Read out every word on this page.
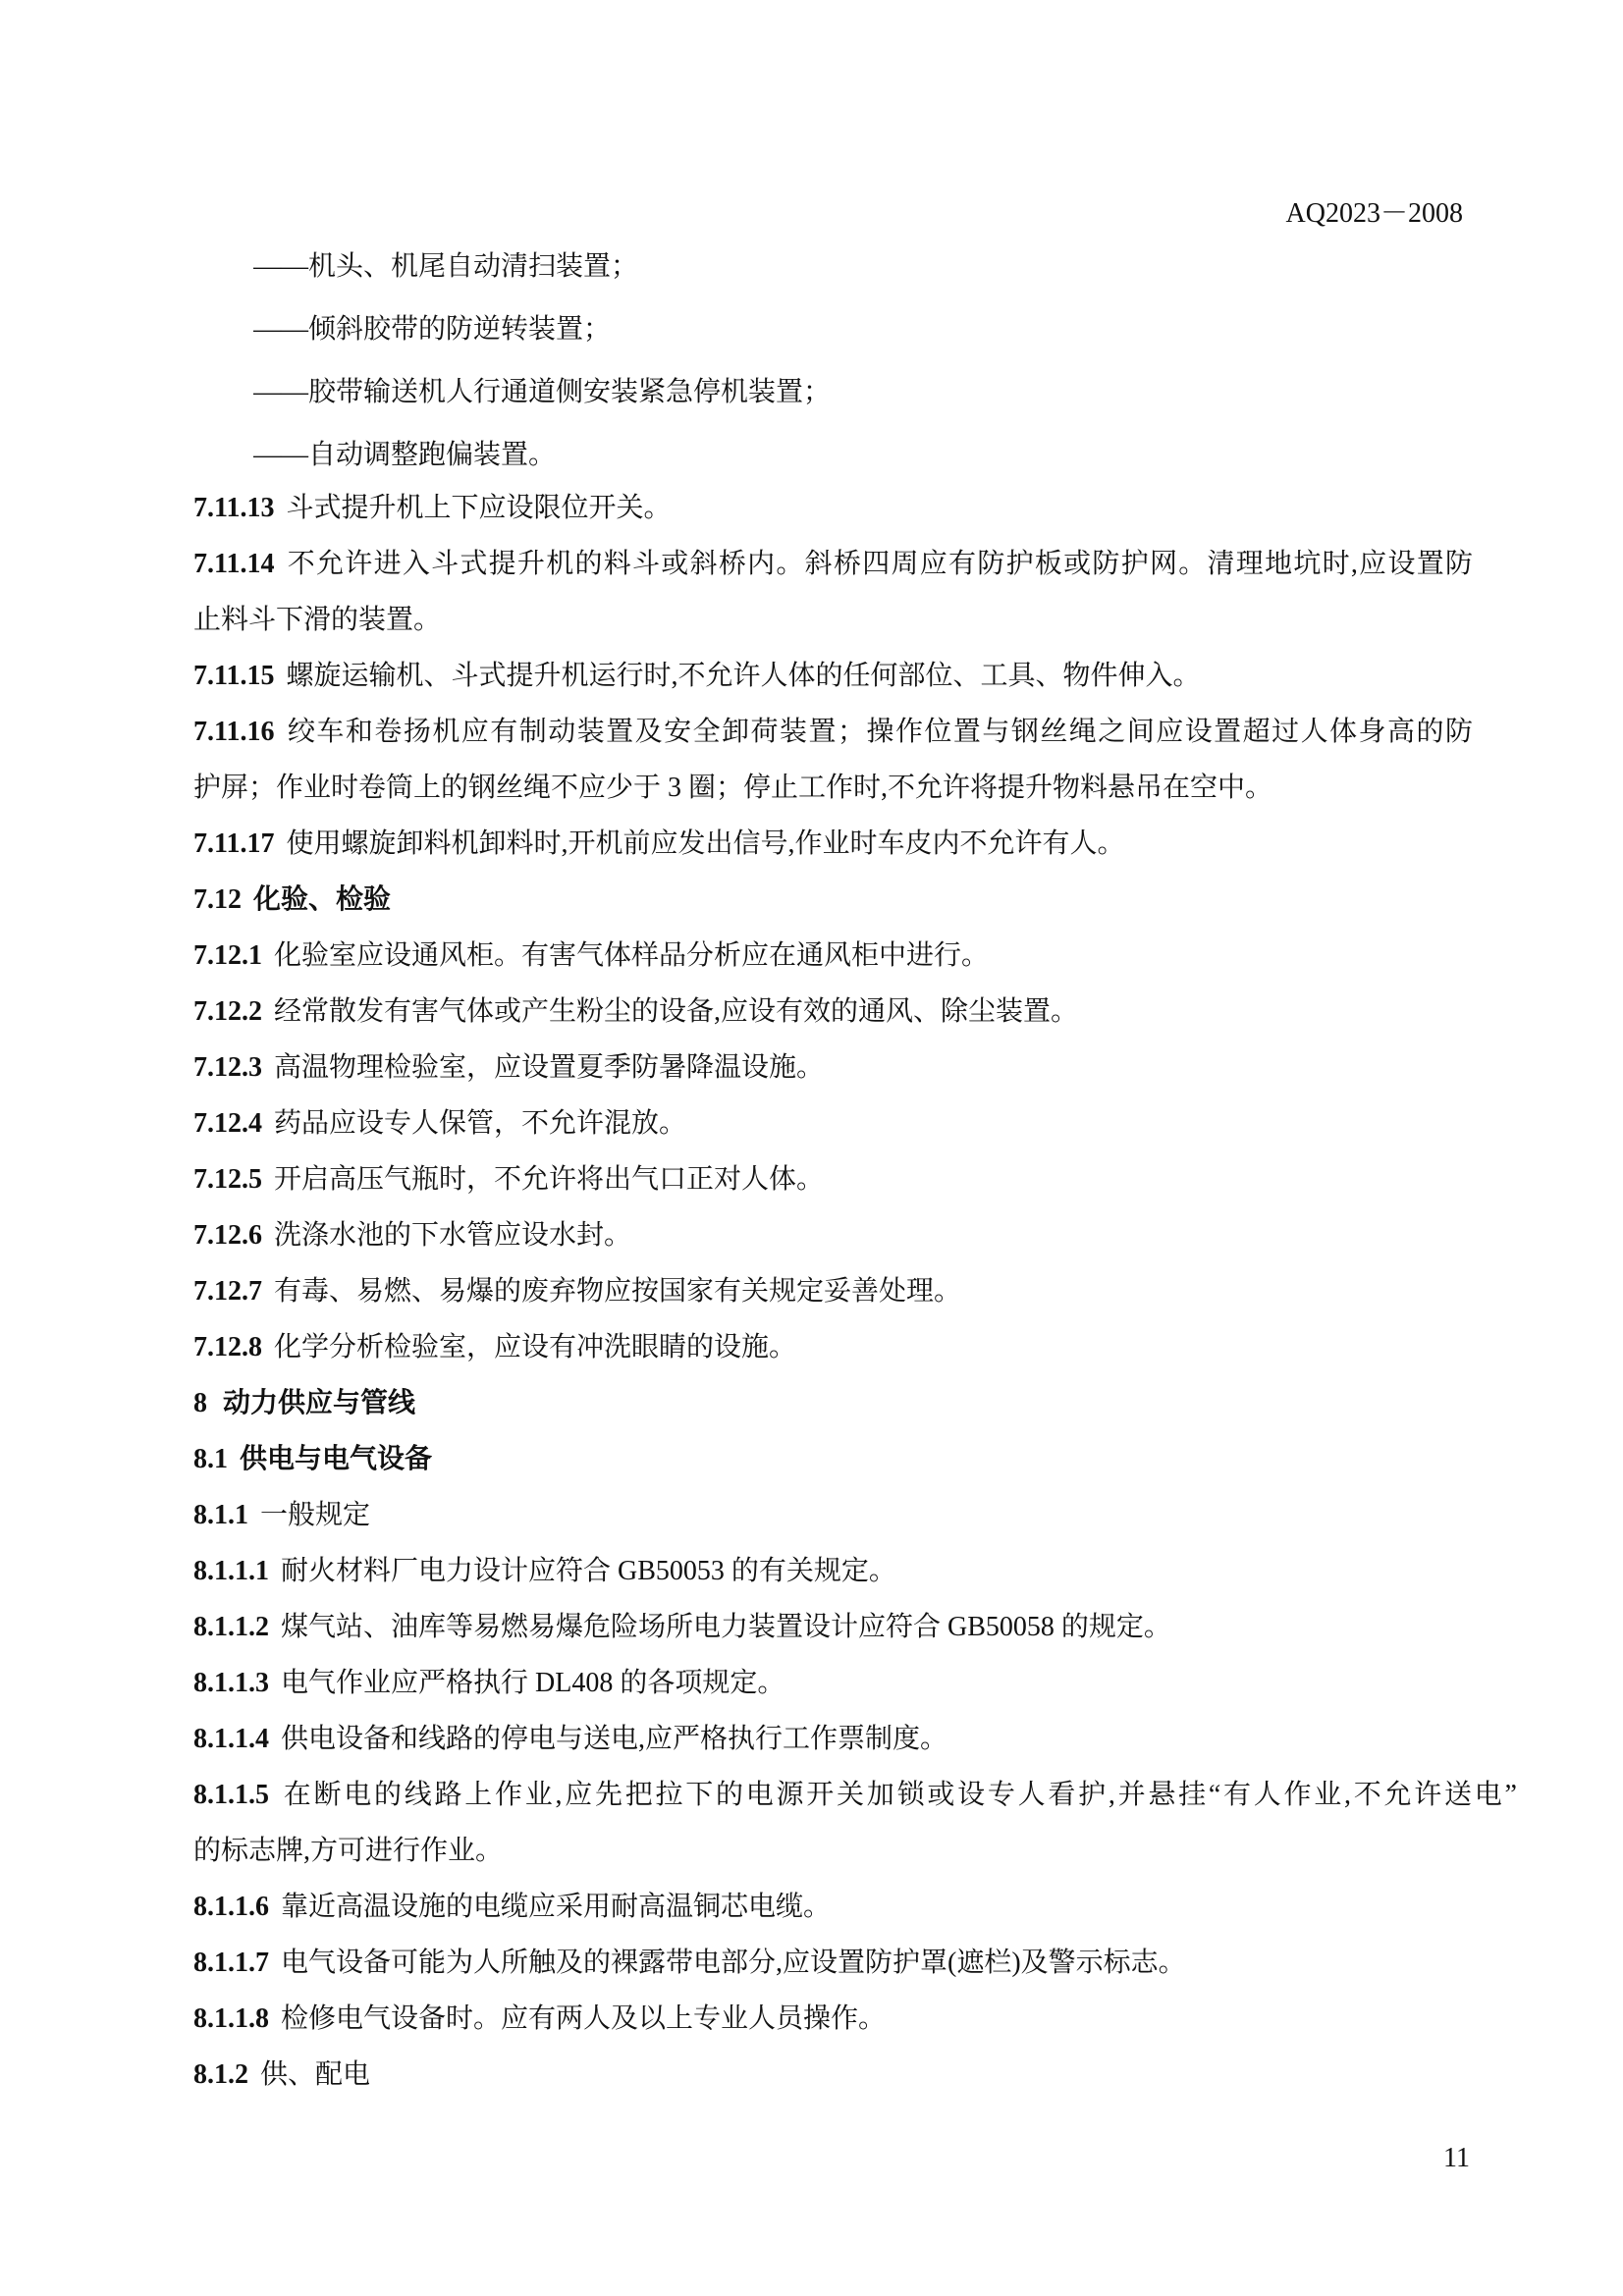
AQ2023－2008
——机头、机尾自动清扫装置；
——倾斜胶带的防逆转装置；
——胶带输送机人行通道侧安装紧急停机装置；
——自动调整跑偏装置。
7.11.13 斗式提升机上下应设限位开关。
7.11.14 不允许进入斗式提升机的料斗或斜桥内。斜桥四周应有防护板或防护网。清理地坑时,应设置防
止料斗下滑的装置。
7.11.15 螺旋运输机、斗式提升机运行时,不允许人体的任何部位、工具、物件伸入。
7.11.16 绞车和卷扬机应有制动装置及安全卸荷装置；操作位置与钢丝绳之间应设置超过人体身高的防
护屏；作业时卷筒上的钢丝绳不应少于 3 圈；停止工作时,不允许将提升物料悬吊在空中。
7.11.17 使用螺旋卸料机卸料时,开机前应发出信号,作业时车皮内不允许有人。
7.12 化验、检验
7.12.1 化验室应设通风柜。有害气体样品分析应在通风柜中进行。
7.12.2 经常散发有害气体或产生粉尘的设备,应设有效的通风、除尘装置。
7.12.3 高温物理检验室，应设置夏季防暑降温设施。
7.12.4 药品应设专人保管，不允许混放。
7.12.5 开启高压气瓶时，不允许将出气口正对人体。
7.12.6 洗涤水池的下水管应设水封。
7.12.7 有毒、易燃、易爆的废弃物应按国家有关规定妥善处理。
7.12.8 化学分析检验室，应设有冲洗眼睛的设施。
8 动力供应与管线
8.1 供电与电气设备
8.1.1 一般规定
8.1.1.1 耐火材料厂电力设计应符合 GB50053 的有关规定。
8.1.1.2 煤气站、油库等易燃易爆危险场所电力装置设计应符合 GB50058 的规定。
8.1.1.3 电气作业应严格执行 DL408 的各项规定。
8.1.1.4 供电设备和线路的停电与送电,应严格执行工作票制度。
8.1.1.5 在断电的线路上作业,应先把拉下的电源开关加锁或设专人看护,并悬挂“有人作业,不允许送电”
的标志牌,方可进行作业。
8.1.1.6 靠近高温设施的电缆应采用耐高温铜芯电缆。
8.1.1.7 电气设备可能为人所触及的裸露带电部分,应设置防护罩(遮栏)及警示标志。
8.1.1.8 检修电气设备时。应有两人及以上专业人员操作。
8.1.2 供、配电
11
